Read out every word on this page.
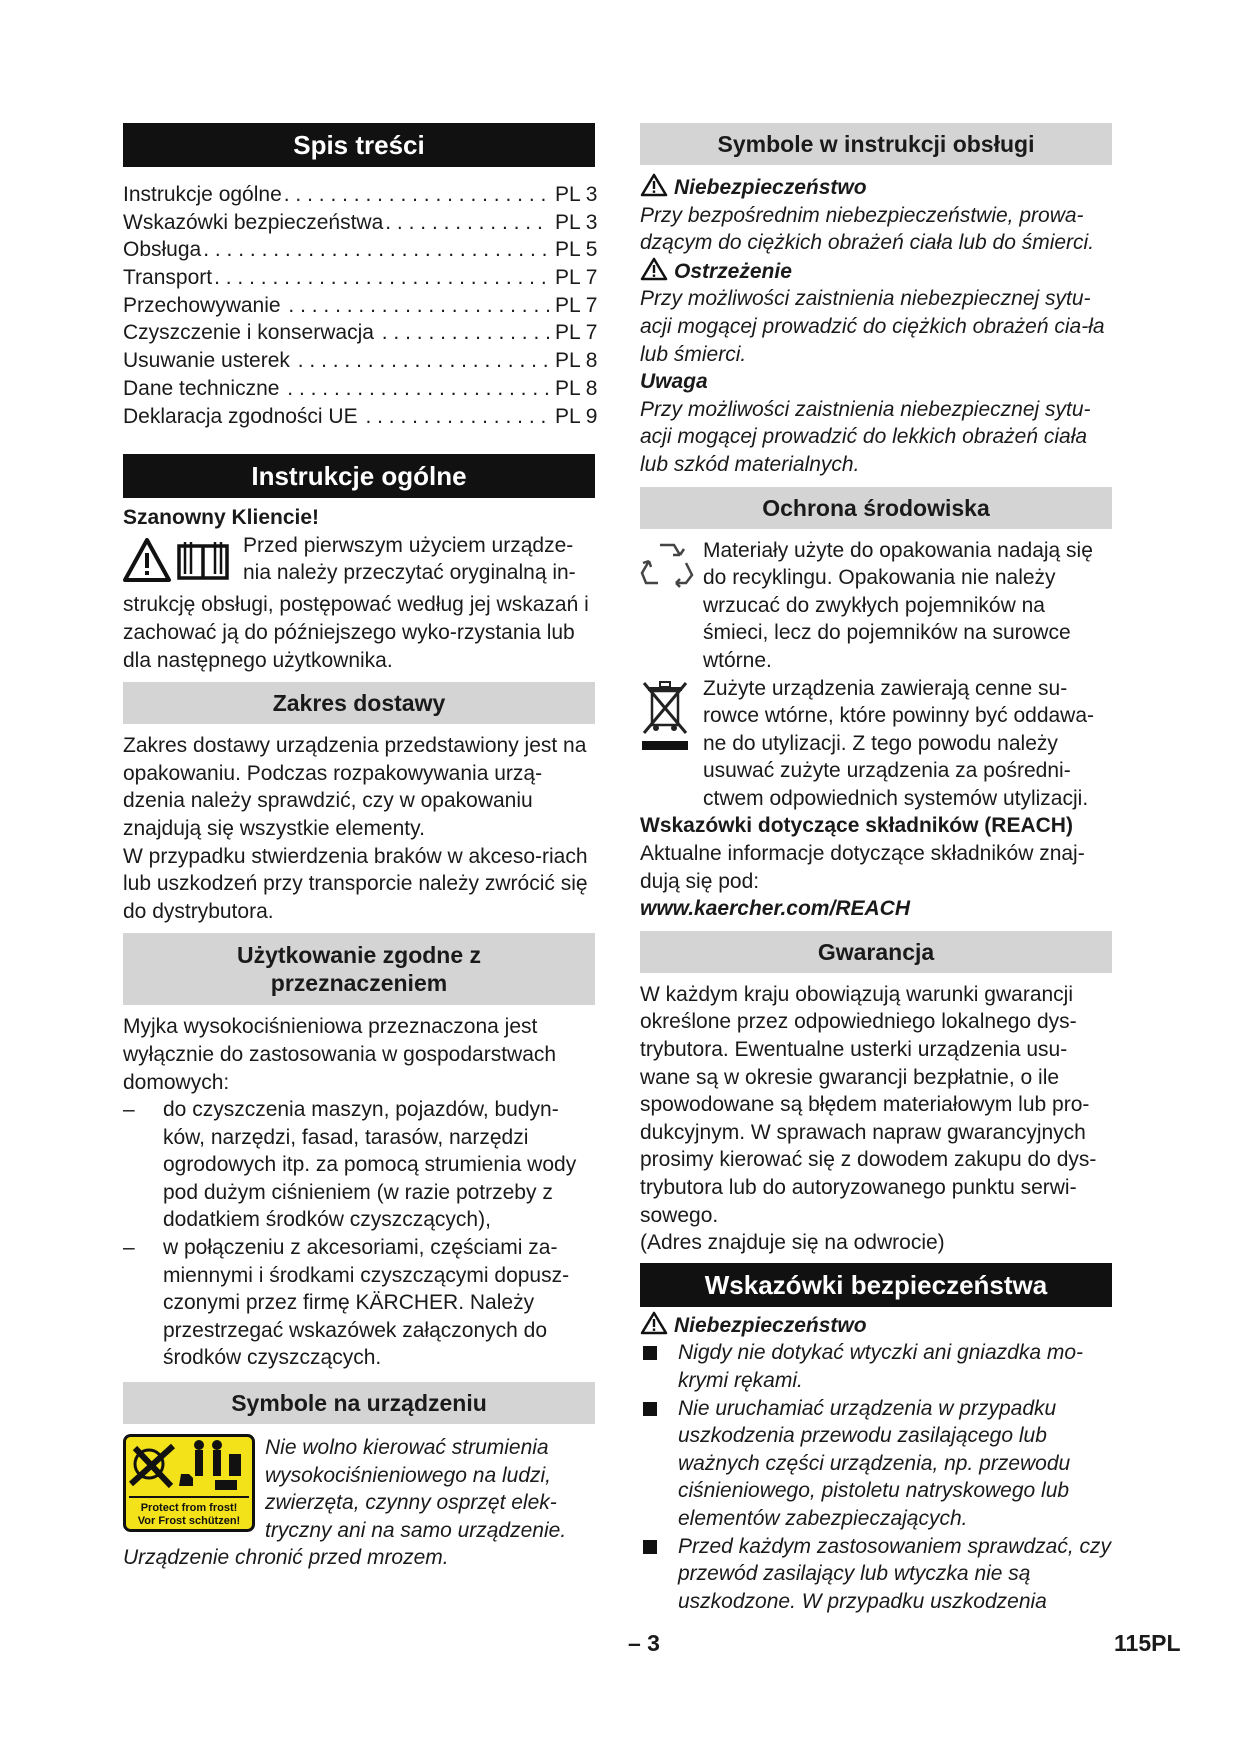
Spis treści
Instrukcje ogólne . . .	PL 3
Wskazówki bezpieczeństwa . . .	PL 3
Obsługa . . .	PL 5
Transport . . .	PL 7
Przechowywanie . . .	PL 7
Czyszczenie i konserwacja . . .	PL 7
Usuwanie usterek . . .	PL 8
Dane techniczne . . .	PL 8
Deklaracja zgodności UE . . .	PL 9
Instrukcje ogólne
Szanowny Kliencie!
Przed pierwszym użyciem urządze-
nia należy przeczytać oryginalną in-
strukcję obsługi, postępować według jej wskazań i zachować ją do późniejszego wyko-rzystania lub dla następnego użytkownika.
Zakres dostawy
Zakres dostawy urządzenia przedstawiony jest na opakowaniu. Podczas rozpakowywania urzą-dzenia należy sprawdzić, czy w opakowaniu znajdują się wszystkie elementy.
W przypadku stwierdzenia braków w akceso-riach lub uszkodzeń przy transporcie należy zwrócić się do dystrybutora.
Użytkowanie zgodne z
przeznaczeniem
Myjka wysokociśnieniowa przeznaczona jest wyłącznie do zastosowania w gospodarstwach domowych:
– do czyszczenia maszyn, pojazdów, budyn-ków, narzędzi, fasad, tarasów, narzędzi ogrodowych itp. za pomocą strumienia wody pod dużym ciśnieniem (w razie potrzeby z dodatkiem środków czyszczących),
– w połączeniu z akcesoriami, częściami za-miennymi i środkami czyszczącymi dopusz-czonymi przez firmę KÄRCHER. Należy przestrzegać wskazówek załączonych do środków czyszczących.
Symbole na urządzeniu
Protect from frost!
Vor Frost schützen!
Nie wolno kierować strumienia wysokociśnieniowego na ludzi, zwierzęta, czynny osprzęt elek-tryczny ani na samo urządzenie.
Urządzenie chronić przed mrozem.
Symbole w instrukcji obsługi
Niebezpieczeństwo
Przy bezpośrednim niebezpieczeństwie, prowa-dzącym do ciężkich obrażeń ciała lub do śmierci.
Ostrzeżenie
Przy możliwości zaistnienia niebezpiecznej sytu-acji mogącej prowadzić do ciężkich obrażeń cia-ła lub śmierci.
Uwaga
Przy możliwości zaistnienia niebezpiecznej sytu-acji mogącej prowadzić do lekkich obrażeń ciała lub szkód materialnych.
Ochrona środowiska
Materiały użyte do opakowania nadają się do recyklingu. Opakowania nie należy wrzucać do zwykłych pojemników na śmieci, lecz do pojemników na surowce wtórne.
Zużyte urządzenia zawierają cenne su-rowce wtórne, które powinny być oddawa-ne do utylizacji. Z tego powodu należy usuwać zużyte urządzenia za pośredni-ctwem odpowiednich systemów utylizacji.
Wskazówki dotyczące składników (REACH)
Aktualne informacje dotyczące składników znaj-dują się pod:
www.kaercher.com/REACH
Gwarancja
W każdym kraju obowiązują warunki gwarancji określone przez odpowiedniego lokalnego dys-trybutora. Ewentualne usterki urządzenia usu-wane są w okresie gwarancji bezpłatnie, o ile spowodowane są błędem materiałowym lub pro-dukcyjnym. W sprawach napraw gwarancyjnych prosimy kierować się z dowodem zakupu do dys-trybutora lub do autoryzowanego punktu serwi-sowego.
(Adres znajduje się na odwrocie)
Wskazówki bezpieczeństwa
Niebezpieczeństwo
Nigdy nie dotykać wtyczki ani gniazdka mo-krymi rękami.
Nie uruchamiać urządzenia w przypadku uszkodzenia przewodu zasilającego lub ważnych części urządzenia, np. przewodu ciśnieniowego, pistoletu natryskowego lub elementów zabezpieczających.
Przed każdym zastosowaniem sprawdzać, czy przewód zasilający lub wtyczka nie są uszkodzone. W przypadku uszkodzenia
– 3	115PL
